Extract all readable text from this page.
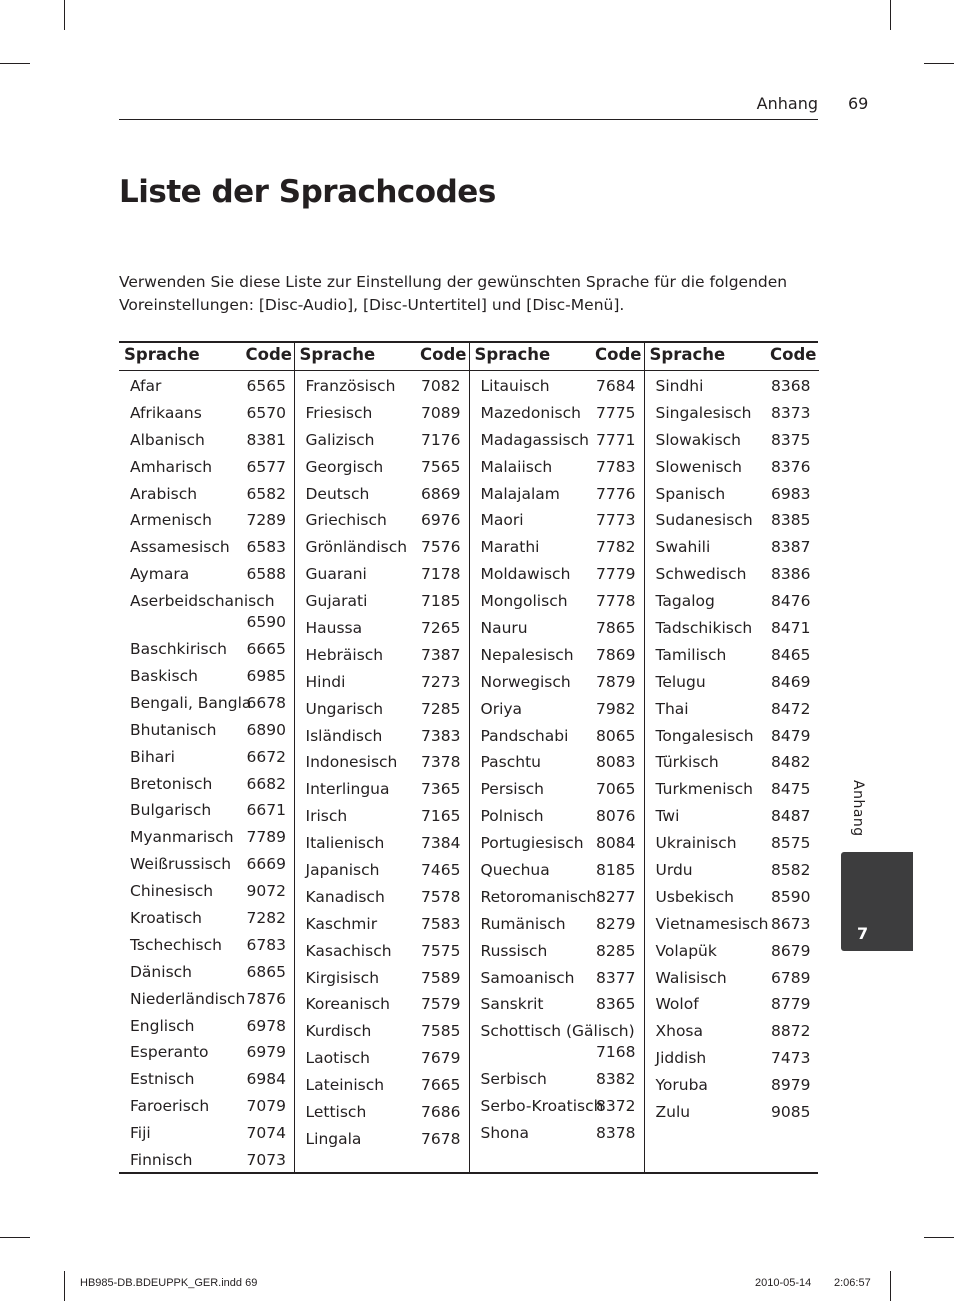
Anhang 69
Liste der Sprachcodes

Verwenden Sie diese Liste zur Einstellung der gewünschten Sprache für die folgenden Voreinstellungen: [Disc-Audio], [Disc-Untertitel] und [Disc-Menü].

Sprache	Code
Afar	6565
Afrikaans	6570
Albanisch	8381
Amharisch 6577
Arabisch	6582
Armenisch 7289
Assamesisch 6583
Aymara	6588
Aserbeidschanisch
6590
Baschkirisch 6665
Baskisch	6985
Bengali, Bangla
6678
Bhutanisch 6890
Bihari	6672
Bretonisch 6682
Bulgarisch 6671
Myanmarisch 7789
Weißrussisch 6669
Chinesisch 9072
Kroatisch	7282
Tschechisch 6783
Dänisch	6865
Niederländisch 7876
Englisch	6978
Esperanto 6979
Estnisch	6984
Faroerisch 7079
Fiji	7074
Finnisch	7073
Sprache	Code
Französisch 7082
Friesisch	7089
Galizisch	7176
Georgisch 7565
Deutsch	6869
Griechisch 6976
Grönländisch 7576
Guarani	7178
Gujarati	7185
Haussa	7265
Hebräisch 7387
Hindi	7273
Ungarisch 7285
Isländisch 7383
Indonesisch 7378
Interlingua 7365
Irisch	7165
Italienisch 7384
Japanisch	7465
Kanadisch 7578
Kaschmir	7583
Kasachisch 7575
Kirgisisch	7589
Koreanisch 7579
Kurdisch	7585
Laotisch	7679
Lateinisch 7665
Lettisch	7686
Lingala	7678
Sprache	Code
Litauisch	7684
Mazedonisch 7775
Madagassisch 7771
Malaiisch	7783
Malajalam 7776
Maori	7773
Marathi	7782
Moldawisch 7779
Mongolisch 7778
Nauru	7865
Nepalesisch 7869
Norwegisch 7879
Oriya	7982
Pandschabi 8065
Paschtu	8083
Persisch	7065
Polnisch	8076
Portugiesisch 8084
Quechua	8185
Retoromanisch 8277
Rumänisch 8279
Russisch	8285
Samoanisch 8377
Sanskrit	8365
Schottisch (Gälisch)
7168
Serbisch	8382
Serbo-Kroatisch
8372
Shona	8378
Sprache	Code
Sindhi	8368
Singalesisch 8373
Slowakisch 8375
Slowenisch 8376
Spanisch	6983
Sudanesisch 8385
Swahili	8387
Schwedisch 8386
Tagalog	8476
Tadschikisch 8471
Tamilisch	8465
Telugu	8469
Thai	8472
Tongalesisch 8479
Türkisch	8482
Turkmenisch 8475
Twi	8487
Ukrainisch 8575
Urdu	8582
Usbekisch 8590
Vietnamesisch 8673
Volapük	8679
Walisisch	6789
Wolof	8779
Xhosa	8872
Jiddish	7473
Yoruba	8979
Zulu	9085
Anhang
7
HB985-DB.BDEUPPK_GER.indd 69	2010-05-14 2:06:57
